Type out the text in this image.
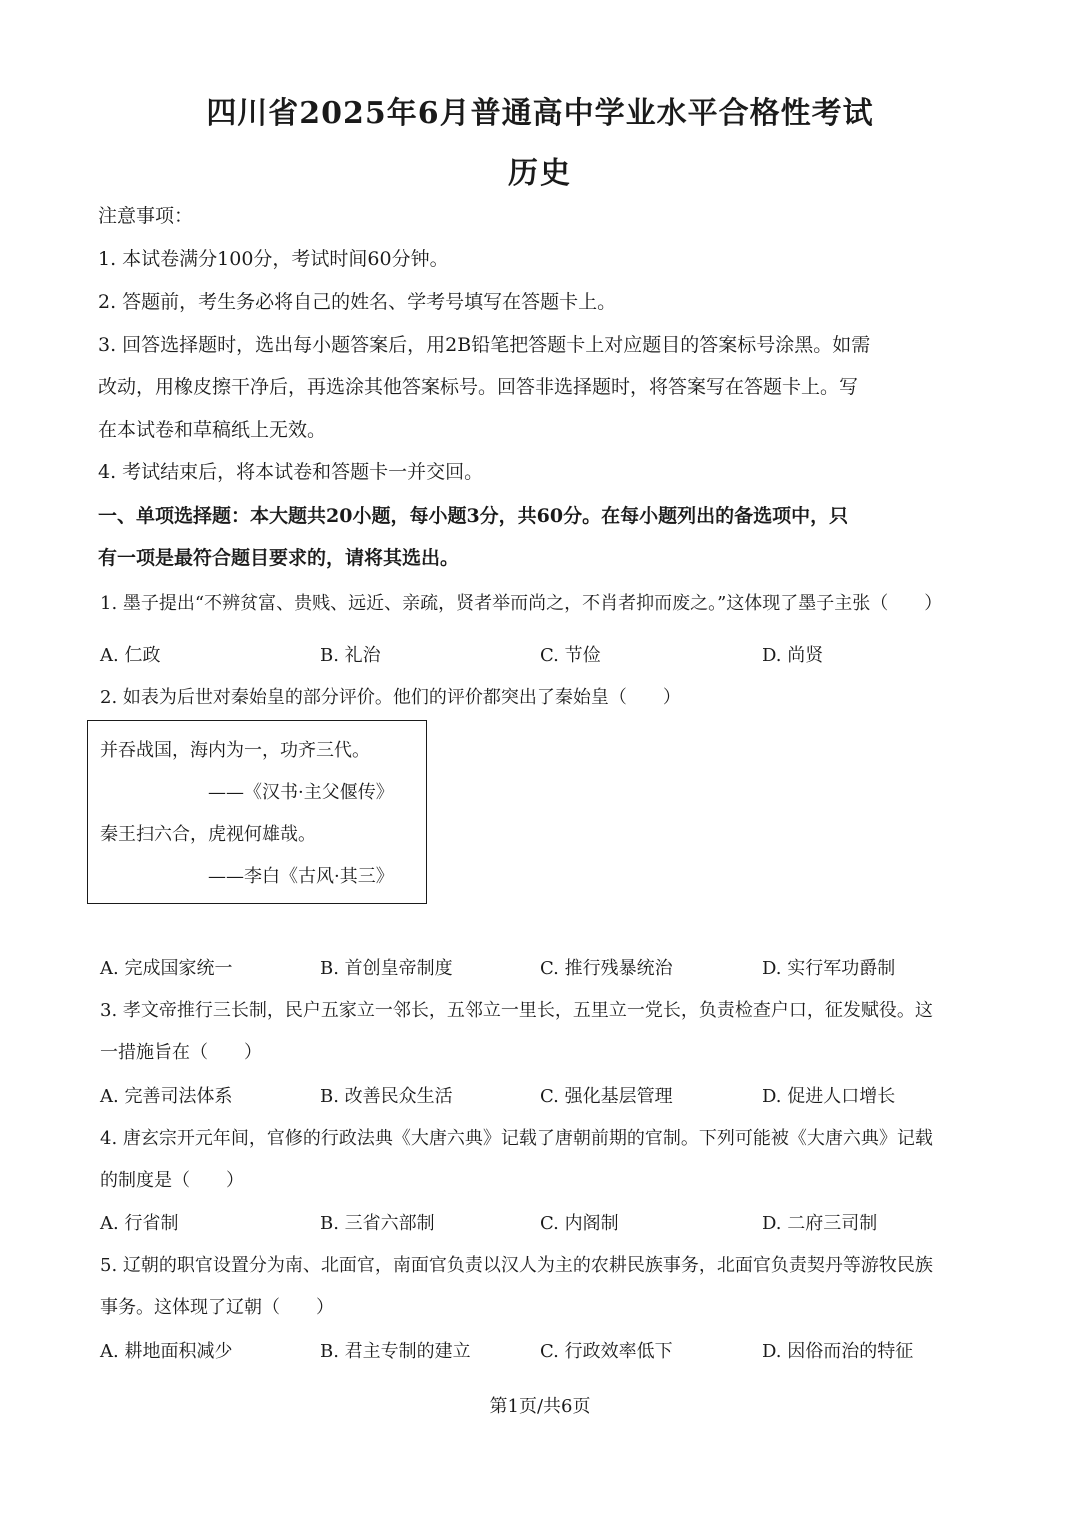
四川省2025年6月普通高中学业水平合格性考试
历史
注意事项：
1. 本试卷满分100分，考试时间60分钟。
2. 答题前，考生务必将自己的姓名、学考号填写在答题卡上。
3. 回答选择题时，选出每小题答案后，用2B铅笔把答题卡上对应题目的答案标号涂黑。如需
改动，用橡皮擦干净后，再选涂其他答案标号。回答非选择题时，将答案写在答题卡上。写
在本试卷和草稿纸上无效。
4. 考试结束后，将本试卷和答题卡一并交回。
一、单项选择题：本大题共20小题，每小题3分，共60分。在每小题列出的备选项中，只
有一项是最符合题目要求的，请将其选出。
1. 墨子提出“不辨贫富、贵贱、远近、亲疏，贤者举而尚之，不肖者抑而废之。”这体现了墨子主张（　　）
A. 仁政	B. 礼治	C. 节俭	D. 尚贤
2. 如表为后世对秦始皇的部分评价。他们的评价都突出了秦始皇（　　）
并吞战国，海内为一，功齐三代。
——《汉书·主父偃传》
秦王扫六合，虎视何雄哉。
——李白《古风·其三》
A. 完成国家统一	B. 首创皇帝制度	C. 推行残暴统治	D. 实行军功爵制
3. 孝文帝推行三长制，民户五家立一邻长，五邻立一里长，五里立一党长，负责检查户口，征发赋役。这
一措施旨在（　　）
A. 完善司法体系	B. 改善民众生活	C. 强化基层管理	D. 促进人口增长
4. 唐玄宗开元年间，官修的行政法典《大唐六典》记载了唐朝前期的官制。下列可能被《大唐六典》记载
的制度是（　　）
A. 行省制	B. 三省六部制	C. 内阁制	D. 二府三司制
5. 辽朝的职官设置分为南、北面官，南面官负责以汉人为主的农耕民族事务，北面官负责契丹等游牧民族
事务。这体现了辽朝（　　）
A. 耕地面积减少	B. 君主专制的建立	C. 行政效率低下	D. 因俗而治的特征
第1页/共6页
